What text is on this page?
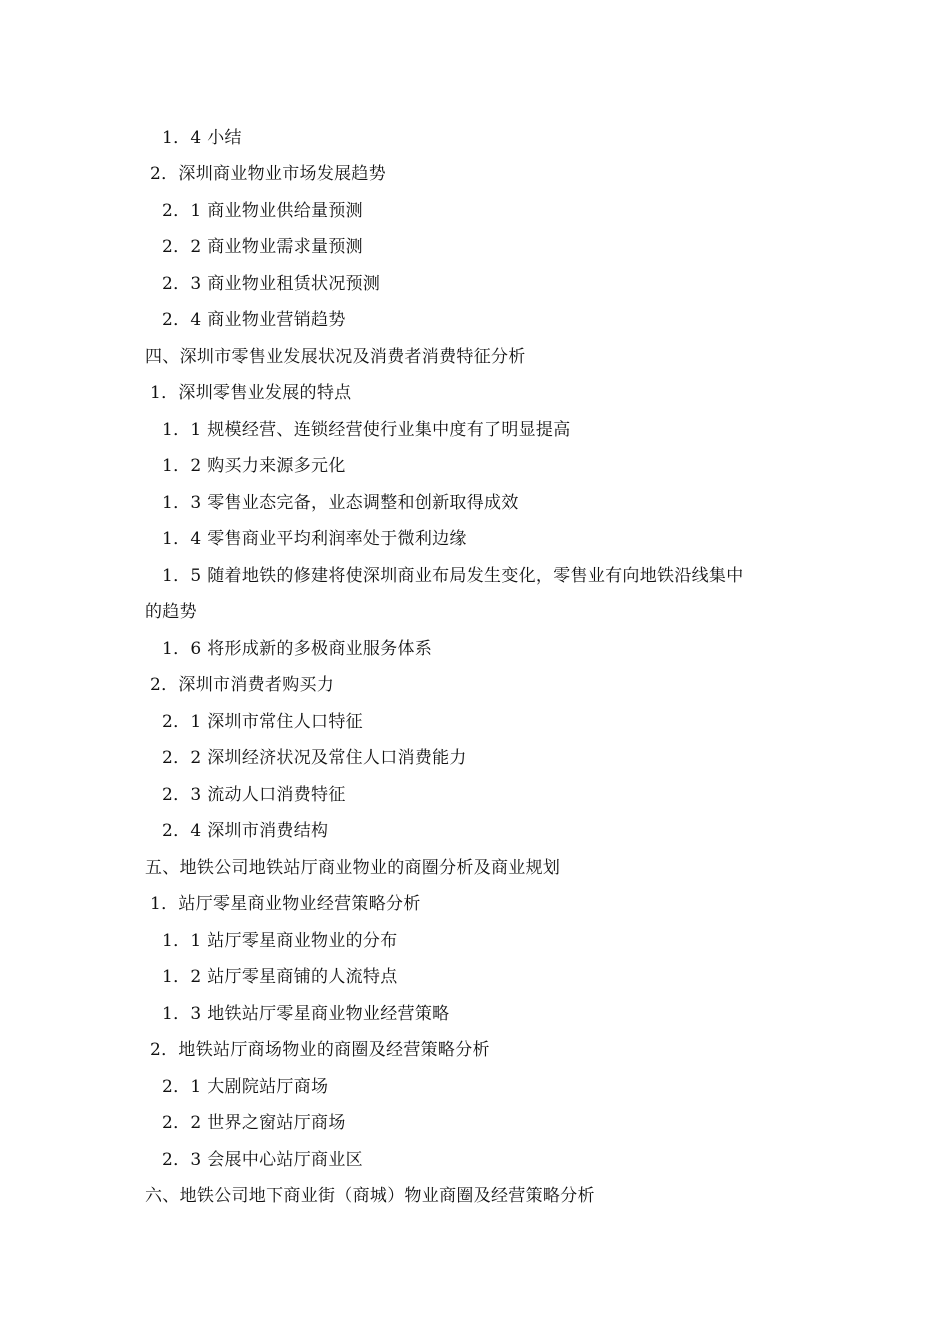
1．4 小结
2．深圳商业物业市场发展趋势
2．1 商业物业供给量预测
2．2 商业物业需求量预测
2．3 商业物业租赁状况预测
2．4 商业物业营销趋势
四、深圳市零售业发展状况及消费者消费特征分析
1．深圳零售业发展的特点
1．1 规模经营、连锁经营使行业集中度有了明显提高
1．2 购买力来源多元化
1．3 零售业态完备，业态调整和创新取得成效
1．4 零售商业平均利润率处于微利边缘
1．5 随着地铁的修建将使深圳商业布局发生变化，零售业有向地铁沿线集中
的趋势
1．6 将形成新的多极商业服务体系
2．深圳市消费者购买力
2．1 深圳市常住人口特征
2．2 深圳经济状况及常住人口消费能力
2．3 流动人口消费特征
2．4 深圳市消费结构
五、地铁公司地铁站厅商业物业的商圈分析及商业规划
1．站厅零星商业物业经营策略分析
1．1 站厅零星商业物业的分布
1．2 站厅零星商铺的人流特点
1．3 地铁站厅零星商业物业经营策略
2．地铁站厅商场物业的商圈及经营策略分析
2．1 大剧院站厅商场
2．2 世界之窗站厅商场
2．3 会展中心站厅商业区
六、地铁公司地下商业街（商城）物业商圈及经营策略分析
